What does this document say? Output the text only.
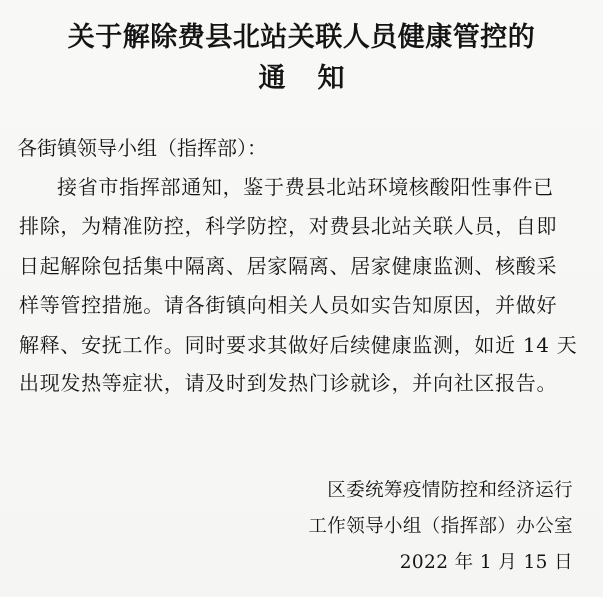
关于解除费县北站关联人员健康管控的
通知
各街镇领导小组（指挥部）：
接省市指挥部通知，鉴于费县北站环境核酸阳性事件已
排除，为精准防控，科学防控，对费县北站关联人员，自即
日起解除包括集中隔离、居家隔离、居家健康监测、核酸采
样等管控措施。请各街镇向相关人员如实告知原因，并做好
解释、安抚工作。同时要求其做好后续健康监测，如近 14 天
出现发热等症状，请及时到发热门诊就诊，并向社区报告。
区委统筹疫情防控和经济运行
工作领导小组（指挥部）办公室
2022 年 1 月 15 日
